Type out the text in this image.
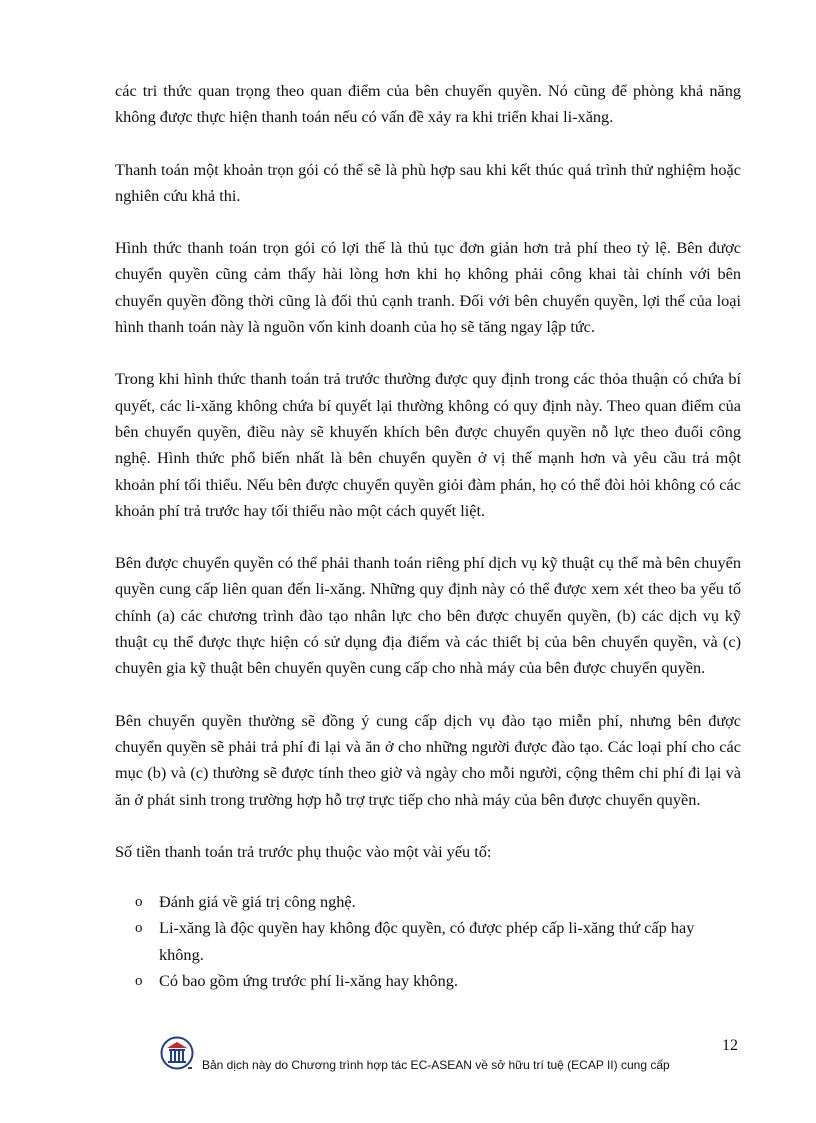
các tri thức quan trọng theo quan điểm của bên chuyển quyền. Nó cũng để phòng khả năng không được thực hiện thanh toán nếu có vấn đề xảy ra khi triển khai li-xăng.

Thanh toán một khoản trọn gói có thể sẽ là phù hợp sau khi kết thúc quá trình thử nghiệm hoặc nghiên cứu khả thi.

Hình thức thanh toán trọn gói có lợi thế là thủ tục đơn giản hơn trả phí theo tỷ lệ. Bên được chuyển quyền cũng cảm thấy hài lòng hơn khi họ không phải công khai tài chính với bên chuyển quyền đồng thời cũng là đối thủ cạnh tranh. Đối với bên chuyển quyền, lợi thế của loại hình thanh toán này là nguồn vốn kinh doanh của họ sẽ tăng ngay lập tức.

Trong khi hình thức thanh toán trả trước thường được quy định trong các thỏa thuận có chứa bí quyết, các li-xăng không chứa bí quyết lại thường không có quy định này. Theo quan điểm của bên chuyển quyền, điều này sẽ khuyến khích bên được chuyển quyền nỗ lực theo đuổi công nghệ. Hình thức phổ biến nhất là bên chuyển quyền ở vị thế mạnh hơn và yêu cầu trả một khoản phí tối thiểu. Nếu bên được chuyển quyền giỏi đàm phán, họ có thể đòi hỏi không có các khoản phí trả trước hay tối thiểu nào một cách quyết liệt.

Bên được chuyển quyền có thể phải thanh toán riêng phí dịch vụ kỹ thuật cụ thể mà bên chuyển quyền cung cấp liên quan đến li-xăng. Những quy định này có thể được xem xét theo ba yếu tố chính (a) các chương trình đào tạo nhân lực cho bên được chuyển quyền, (b) các dịch vụ kỹ thuật cụ thể được thực hiện có sử dụng địa điểm và các thiết bị của bên chuyển quyền, và (c) chuyên gia kỹ thuật bên chuyển quyền cung cấp cho nhà máy của bên được chuyển quyền.

Bên chuyển quyền thường sẽ đồng ý cung cấp dịch vụ đào tạo miễn phí, nhưng bên được chuyển quyền sẽ phải trả phí đi lại và ăn ở cho những người được đào tạo. Các loại phí cho các mục (b) và (c) thường sẽ được tính theo giờ và ngày cho mỗi người, cộng thêm chi phí đi lại và ăn ở phát sinh trong trường hợp hỗ trợ trực tiếp cho nhà máy của bên được chuyển quyền.

Số tiền thanh toán trả trước phụ thuộc vào một vài yếu tố:

o Đánh giá về giá trị công nghệ.
o Li-xăng là độc quyền hay không độc quyền, có được phép cấp li-xăng thứ cấp hay không.
o Có bao gồm ứng trước phí li-xăng hay không.
12
Bản dịch này do Chương trình hợp tác EC-ASEAN về sở hữu trí tuệ (ECAP II) cung cấp
